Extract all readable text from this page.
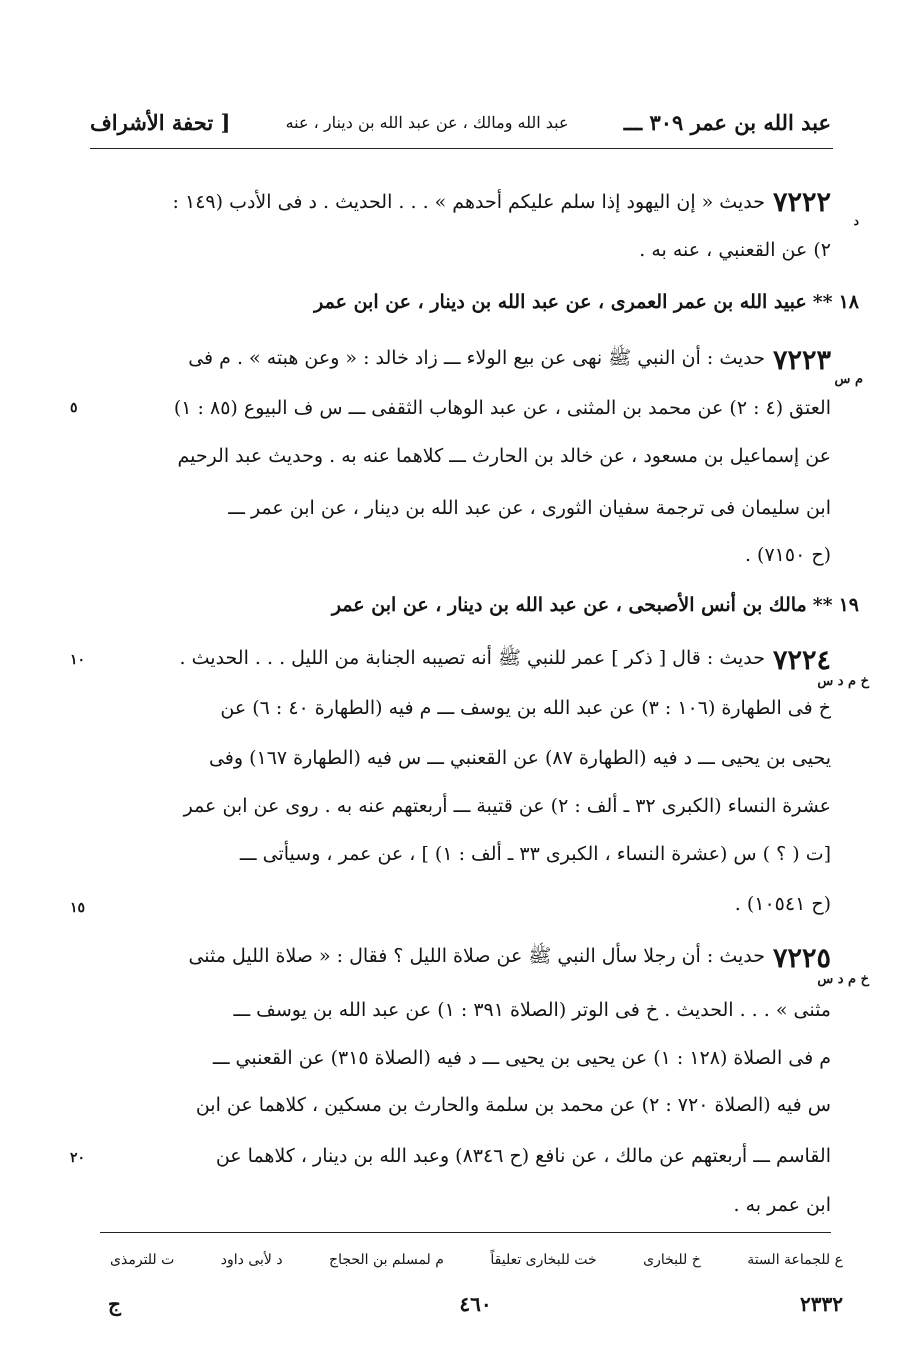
عبد الله بن عمر ٣٠٩ ـــ
عبد الله ومالك ، عن عبد الله بن دينار ، عنه
[ تحفة الأشراف
٧٢٢٢
حديث « إن اليهود إذا سلم عليكم أحدهم » . . . الحديث . د فى الأدب (١٤٩ :
د
٢) عن القعنبي ، عنه به .
١٨
**
عبيد الله بن عمر العمرى ، عن عبد الله بن دينار ، عن ابن عمر
٧٢٢٣
حديث : أن النبي ﷺ نهى عن بيع الولاء ـــ زاد خالد : « وعن هبته » . م فى
م س
العتق (٤ : ٢) عن محمد بن المثنى ، عن عبد الوهاب الثقفى ـــ س ف البيوع (٨٥ : ١)
٥
عن إسماعيل بن مسعود ، عن خالد بن الحارث ـــ كلاهما عنه به . وحديث عبد الرحيم
ابن سليمان فى ترجمة سفيان الثورى ، عن عبد الله بن دينار ، عن ابن عمر ـــ
(ح ٧١٥٠) .
١٩
**
مالك بن أنس الأصبحى ، عن عبد الله بن دينار ، عن ابن عمر
٧٢٢٤
حديث : قال [ ذكر ] عمر للنبي ﷺ أنه تصيبه الجنابة من الليل . . . الحديث .
١٠
خ م د س
خ فى الطهارة (١٠٦ : ٣) عن عبد الله بن يوسف ـــ م فيه (الطهارة ٤٠ : ٦) عن
يحيى بن يحيى ـــ د فيه (الطهارة ٨٧) عن القعنبي ـــ س فيه (الطهارة ١٦٧) وفى
عشرة النساء (الكبرى ٣٢ ـ ألف : ٢) عن قتيبة ـــ أربعتهم عنه به . روى عن ابن عمر
[ت ( ؟ ) س (عشرة النساء ، الكبرى ٣٣ ـ ألف : ١) ] ، عن عمر ، وسيأتى ـــ
(ح ١٠٥٤١) .
١٥
٧٢٢٥
حديث : أن رجلا سأل النبي ﷺ عن صلاة الليل ؟ فقال : « صلاة الليل مثنى
خ م د س
مثنى » . . . الحديث . خ فى الوتر (الصلاة ٣٩١ : ١) عن عبد الله بن يوسف ـــ
م فى الصلاة (١٢٨ : ١) عن يحيى بن يحيى ـــ د فيه (الصلاة ٣١٥) عن القعنبي ـــ
س فيه (الصلاة ٧٢٠ : ٢) عن محمد بن سلمة والحارث بن مسكين ، كلاهما عن ابن
القاسم ـــ أربعتهم عن مالك ، عن نافع (ح ٨٣٤٦) وعبد الله بن دينار ، كلاهما عن
٢٠
ابن عمر به .
ع للجماعة الستة
خ للبخارى
خت للبخارى تعليقاً
م لمسلم بن الحجاج
د لأبى داود
ت للترمذى
٢٣٣٢
٤٦٠
ج
